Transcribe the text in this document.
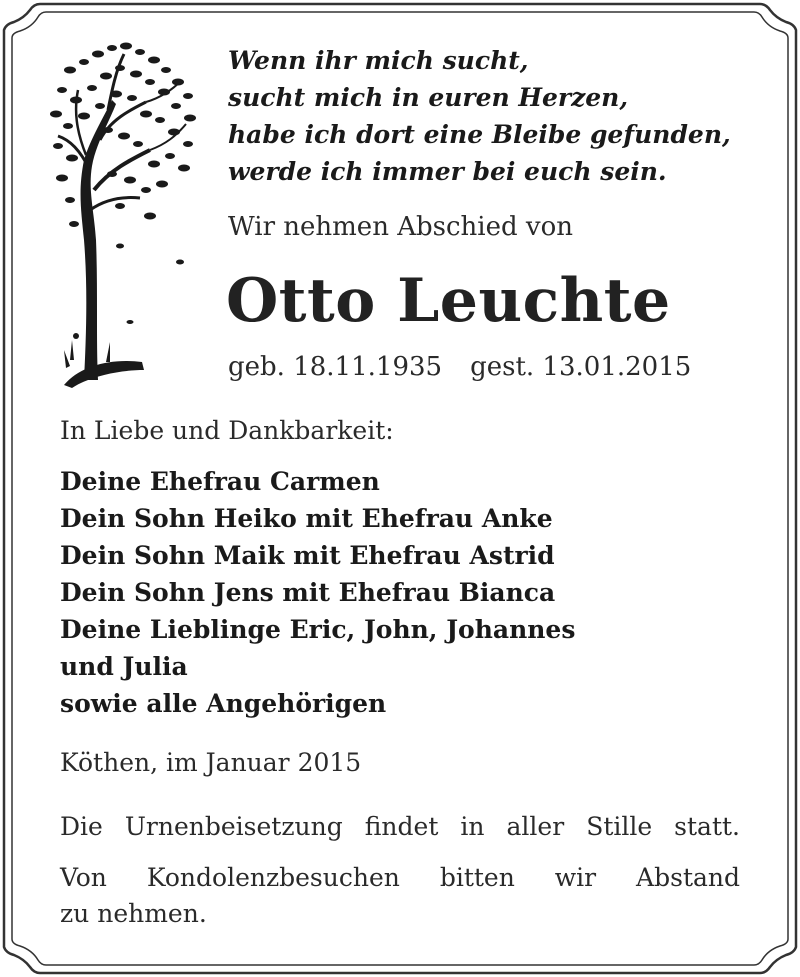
Wenn ihr mich sucht,
sucht mich in euren Herzen,
habe ich dort eine Bleibe gefunden,
werde ich immer bei euch sein.
Wir nehmen Abschied von
Otto Leuchte
geb. 18.11.1935 gest. 13.01.2015
In Liebe und Dankbarkeit:
Deine Ehefrau Carmen
Dein Sohn Heiko mit Ehefrau Anke
Dein Sohn Maik mit Ehefrau Astrid
Dein Sohn Jens mit Ehefrau Bianca
Deine Lieblinge Eric, John, Johannes
und Julia
sowie alle Angehörigen
Köthen, im Januar 2015
Die Urnenbeisetzung findet in aller Stille statt.
Von Kondolenzbesuchen bitten wir Abstand
zu nehmen.
